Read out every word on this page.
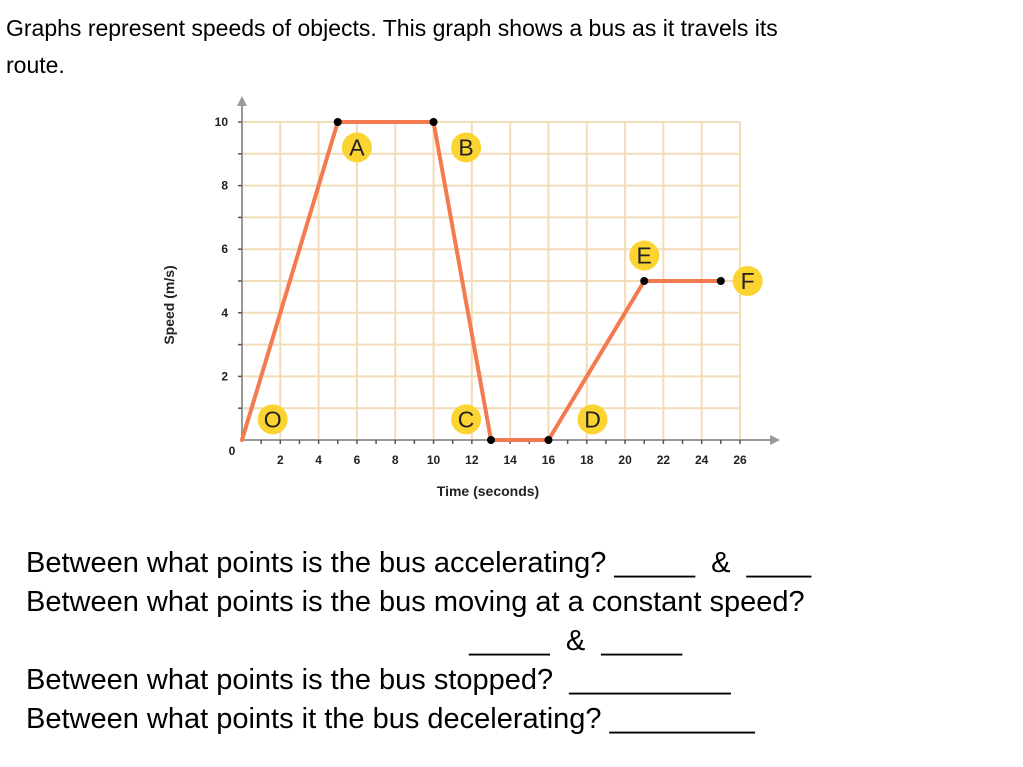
Graphs represent speeds of objects. This graph shows a bus as it travels its
route.
O
A	B
C	D
E
F
0
2	4	6	8 10 12 14 16 18 20 22 24 26
2
4
6
8
10
Time (seconds)
Speed (m/s)
Between what points is the bus accelerating? _____  &  ____
Between what points is the bus moving at a constant speed?
_____  &  _____
Between what points is the bus stopped?  __________
Between what points it the bus decelerating? _________
